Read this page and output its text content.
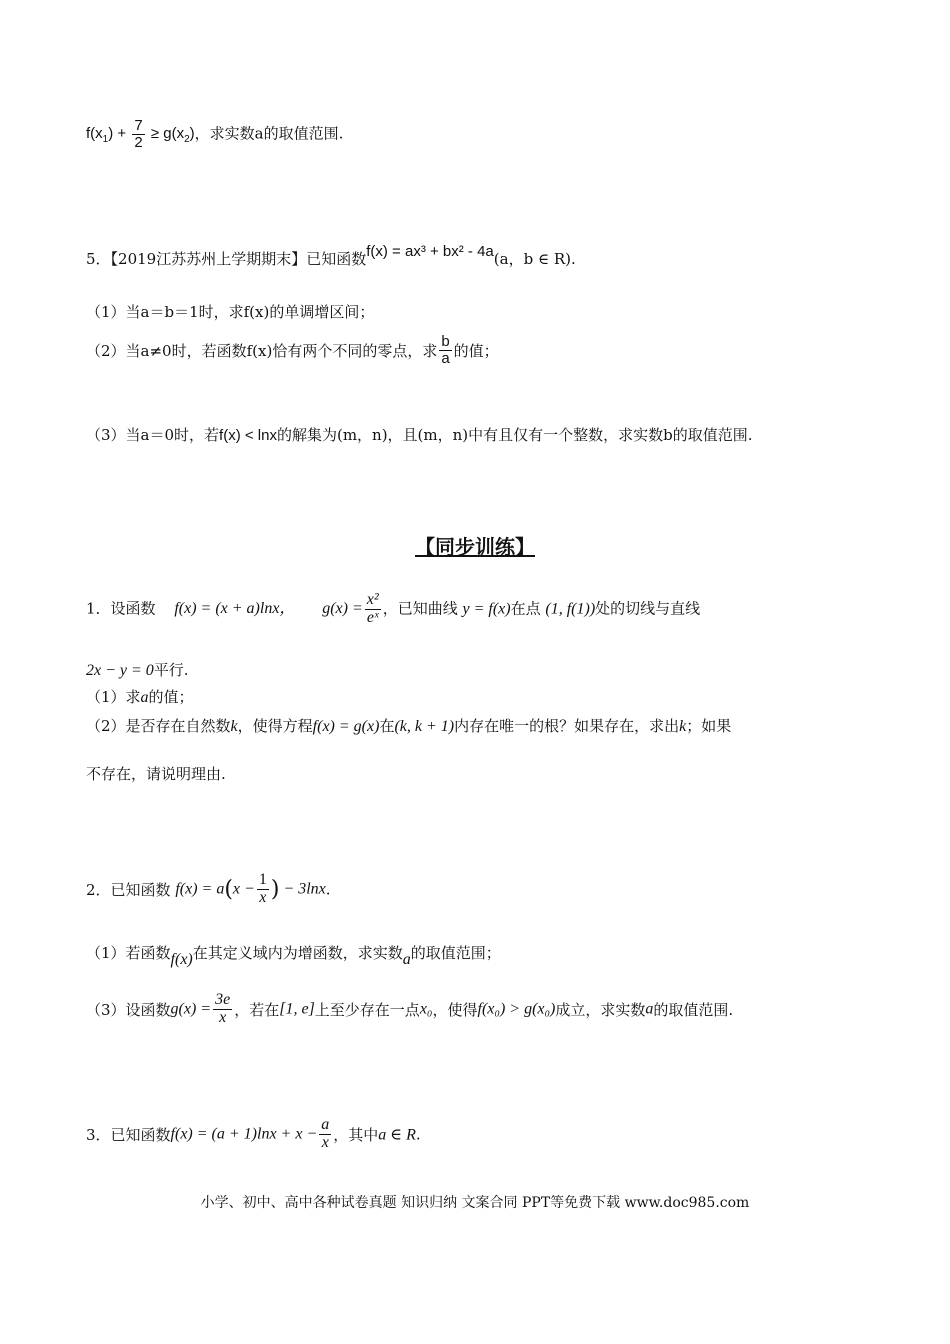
$f(x_1) + \frac{7}{2} \ge g(x_2)$，求实数a的取值范围.
5．【2019江苏苏州上学期期末】已知函数f(x) = ax³ + bx² - 4a(a，b ∈ R).
（1）当a＝b＝1时，求f(x)的单调增区间；
（2）当a≠0时，若函数f(x)恰有两个不同的零点，求 $\frac{b}{a}$ 的值；
（3）当a＝0时，若f(x) < lnx的解集为(m，n)，且(m，n)中有且仅有一个整数，求实数b的取值范围.
【同步训练】
1．设函数 f(x) = (x + a)lnx， $g(x) = \frac{\text{x²}}{\text{eˣ}}$ ，已知曲线 y = f(x)在点 (1, f(1))处的切线与直线
2x − y = 0平行.
（1）求a的值；
（2）是否存在自然数k，使得方程f(x) = g(x)在(k, k + 1)内存在唯一的根？如果存在，求出k；如果
不存在，请说明理由.
2．已知函数 $f(x) = a(x - \frac{1}{x}$ ) − 3lnx.
（1）若函数f(x)在其定义域内为增函数，求实数a的取值范围；
（3）设函数$g(x) = \frac{3e}{x}$ ，若在[1, e]上至少存在一点x₀，使得f(x₀) > g(x₀)成立，求实数a的取值范围.
3．已知函数$f(x) = (a + 1)\ln x + x - \frac{a}{x}$ ，其中a ∈ R.
小学、初中、高中各种试卷真题 知识归纳 文案合同 PPT等免费下载 www.doc985.com
